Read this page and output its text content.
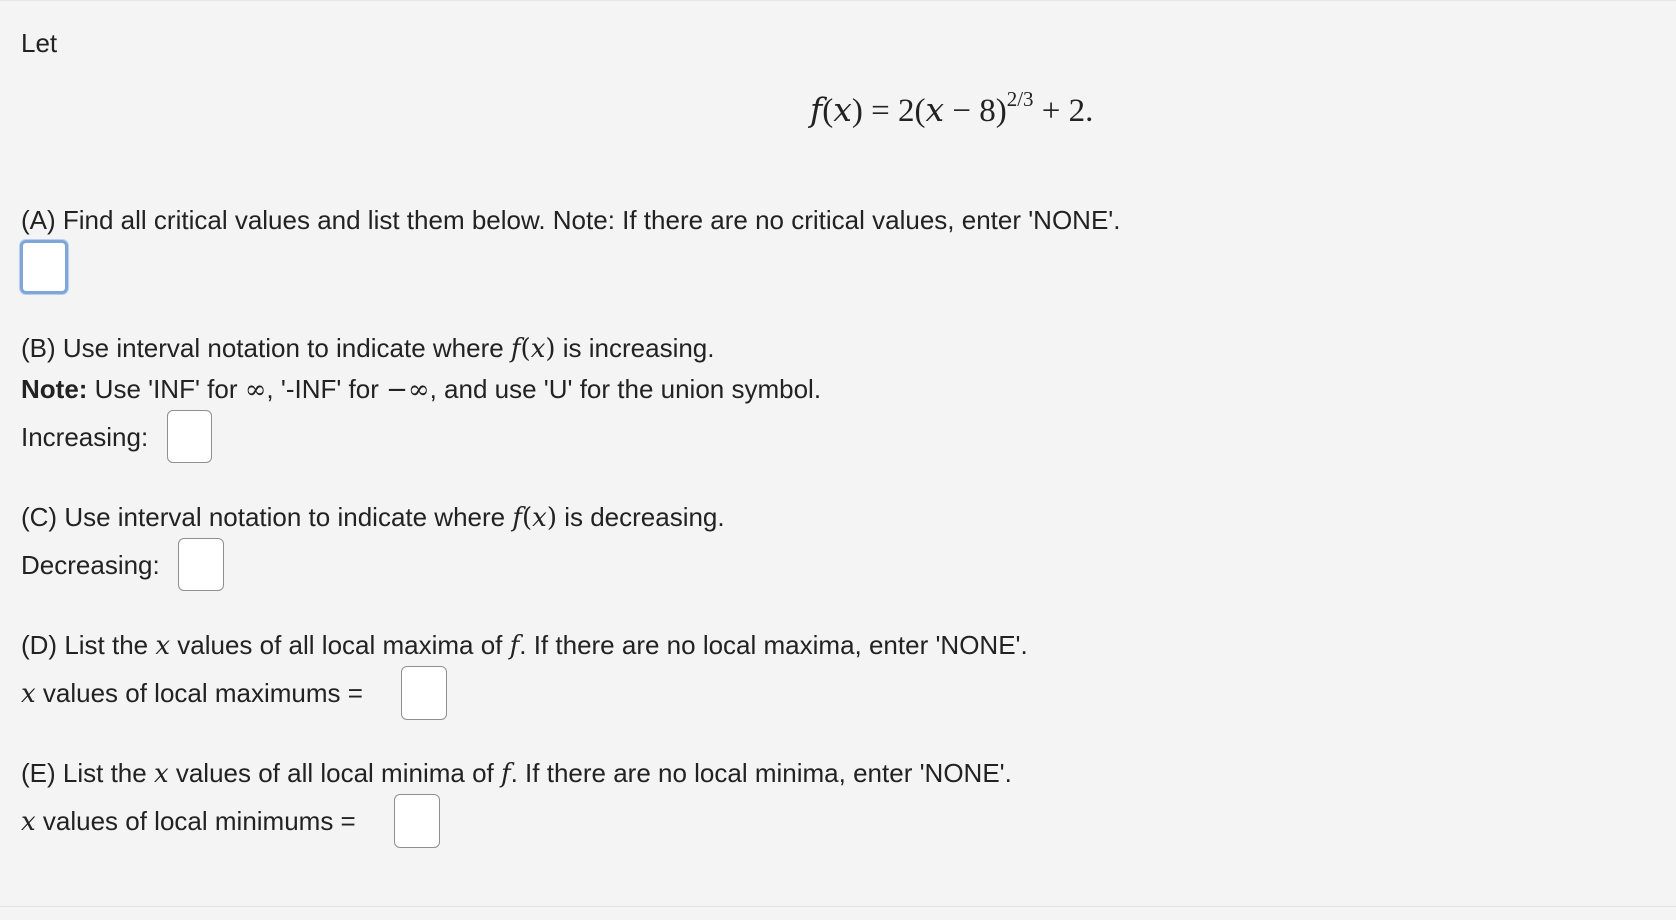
Let
$f(x) = 2(x - 8)^{2/3} + 2$.
(A) Find all critical values and list them below. Note: If there are no critical values, enter 'NONE'.
(B) Use interval notation to indicate where f(x) is increasing.
Note: Use 'INF' for ∞, '-INF' for −∞, and use 'U' for the union symbol.
Increasing:
(C) Use interval notation to indicate where f(x) is decreasing.
Decreasing:
(D) List the x values of all local maxima of f. If there are no local maxima, enter 'NONE'.
x values of local maximums =
(E) List the x values of all local minima of f. If there are no local minima, enter 'NONE'.
x values of local minimums =
